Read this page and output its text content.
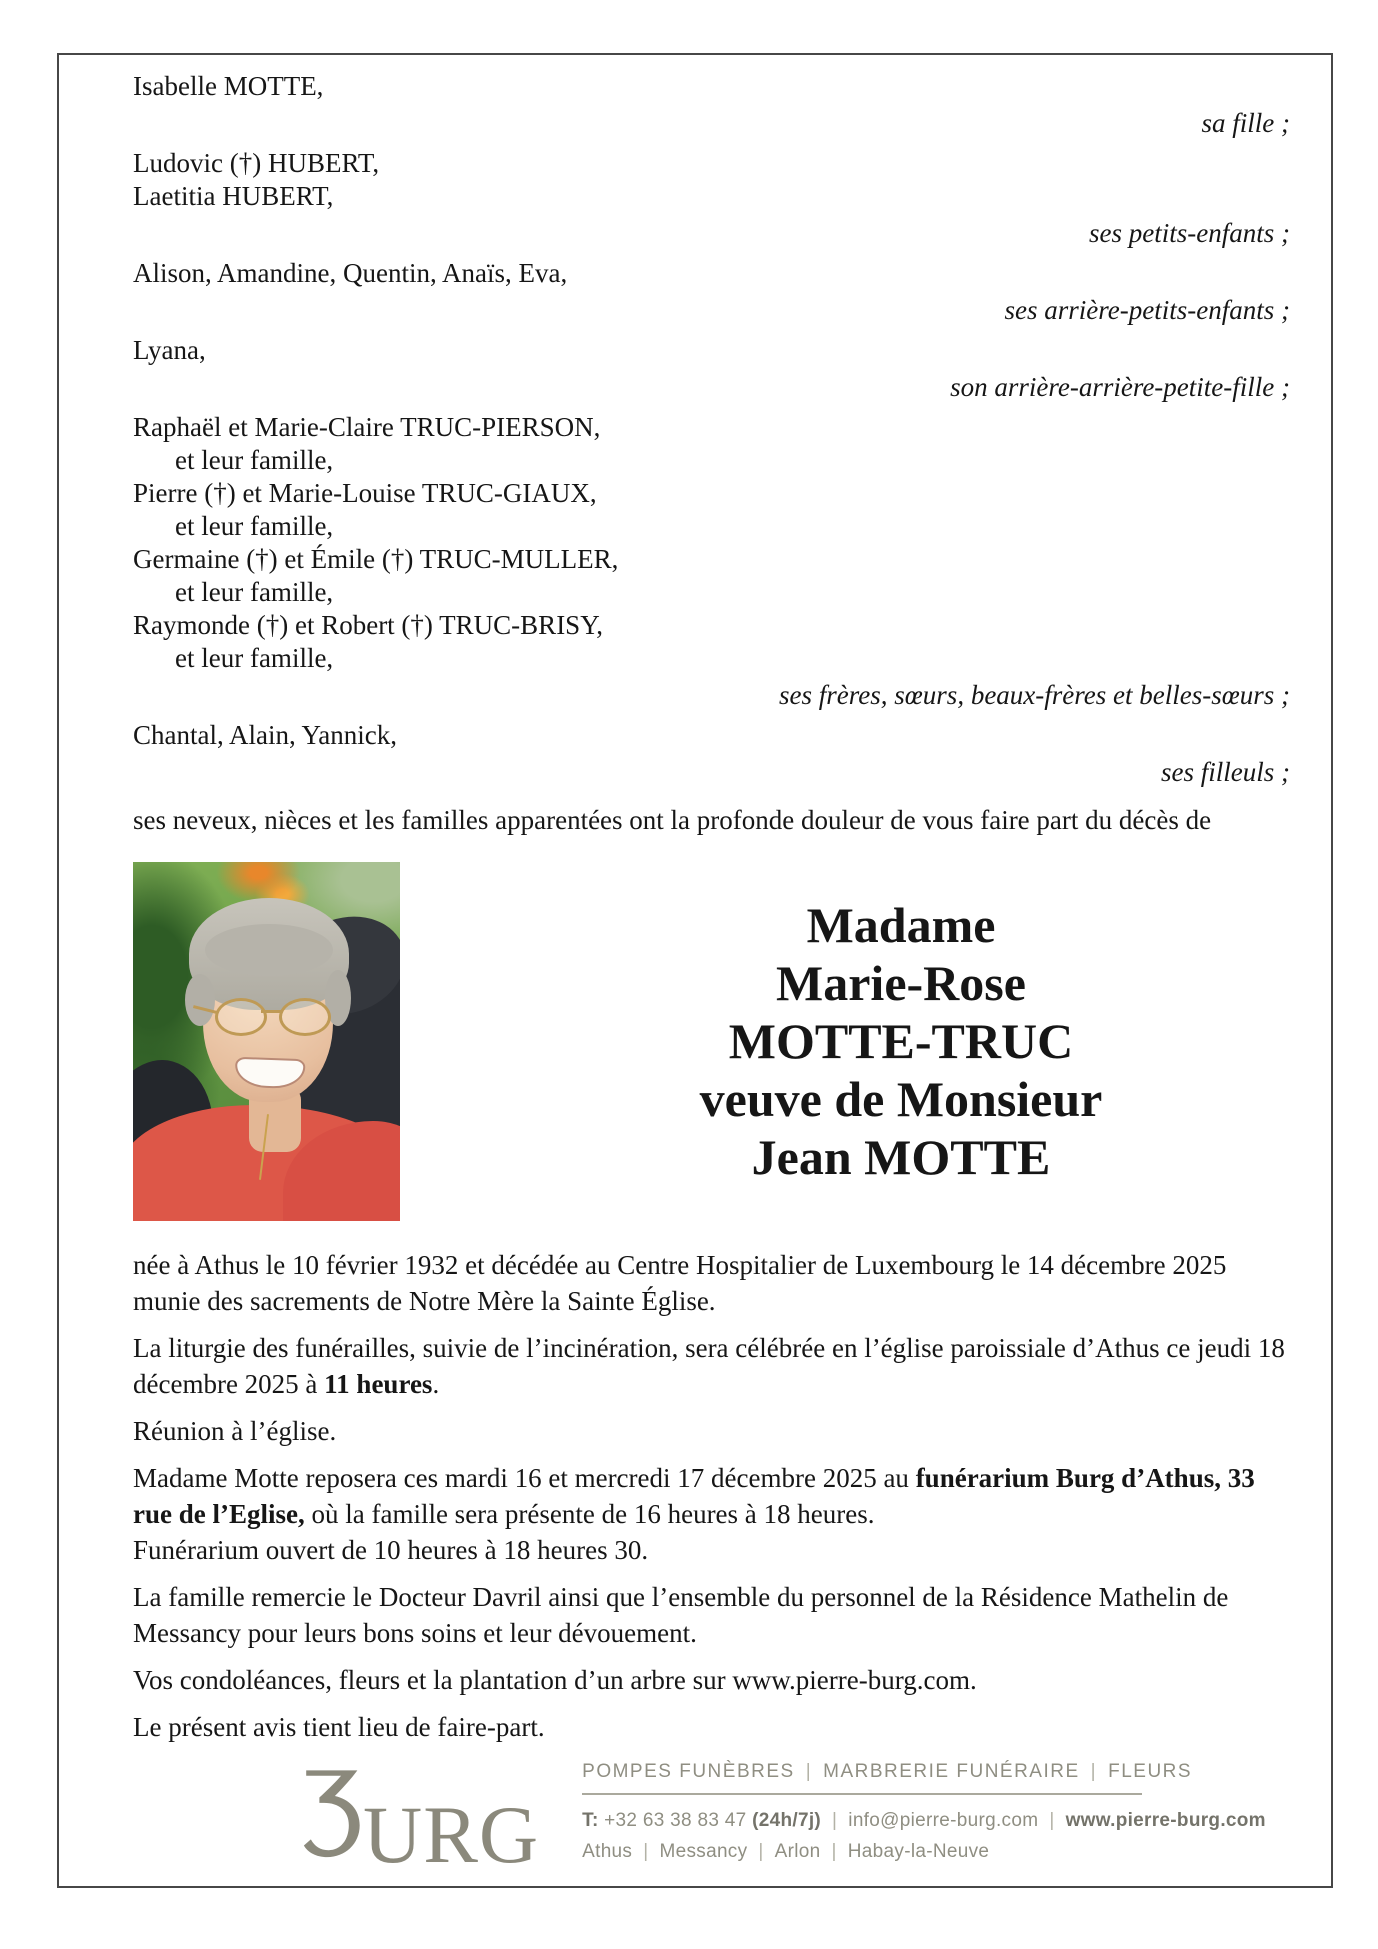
Isabelle MOTTE,
sa fille ;
Ludovic (†) HUBERT,
Laetitia HUBERT,
ses petits-enfants ;
Alison, Amandine, Quentin, Anaïs, Eva,
ses arrière-petits-enfants ;
Lyana,
son arrière-arrière-petite-fille ;
Raphaël et Marie-Claire TRUC-PIERSON,
et leur famille,
Pierre (†) et Marie-Louise TRUC-GIAUX,
et leur famille,
Germaine (†) et Émile (†) TRUC-MULLER,
et leur famille,
Raymonde (†) et Robert (†) TRUC-BRISY,
et leur famille,
ses frères, sœurs, beaux-frères et belles-sœurs ;
Chantal, Alain, Yannick,
ses filleuls ;
ses neveux, nièces et les familles apparentées ont la profonde douleur de vous faire part du décès de
Madame
Marie-Rose
MOTTE-TRUC
veuve de Monsieur
Jean MOTTE

née à Athus le 10 février 1932 et décédée au Centre Hospitalier de Luxembourg le 14 décembre 2025 munie des sacrements de Notre Mère la Sainte Église.

La liturgie des funérailles, suivie de l’incinération, sera célébrée en l’église paroissiale d’Athus ce jeudi 18 décembre 2025 à 11 heures.

Réunion à l’église.

Madame Motte reposera ces mardi 16 et mercredi 17 décembre 2025 au funérarium Burg d’Athus, 33 rue de l’Eglise, où la famille sera présente de 16 heures à 18 heures.
Funérarium ouvert de 10 heures à 18 heures 30.

La famille remercie le Docteur Davril ainsi que l’ensemble du personnel de la Résidence Mathelin de Messancy pour leurs bons soins et leur dévouement.

Vos condoléances, fleurs et la plantation d’un arbre sur www.pierre-burg.com.

Le présent avis tient lieu de faire-part.

URG
POMPES FUNÈBRES | MARBRERIE FUNÉRAIRE | FLEURS
T: +32 63 38 83 47 (24h/7j) | info@pierre-burg.com | www.pierre-burg.com
Athus | Messancy | Arlon | Habay-la-Neuve
